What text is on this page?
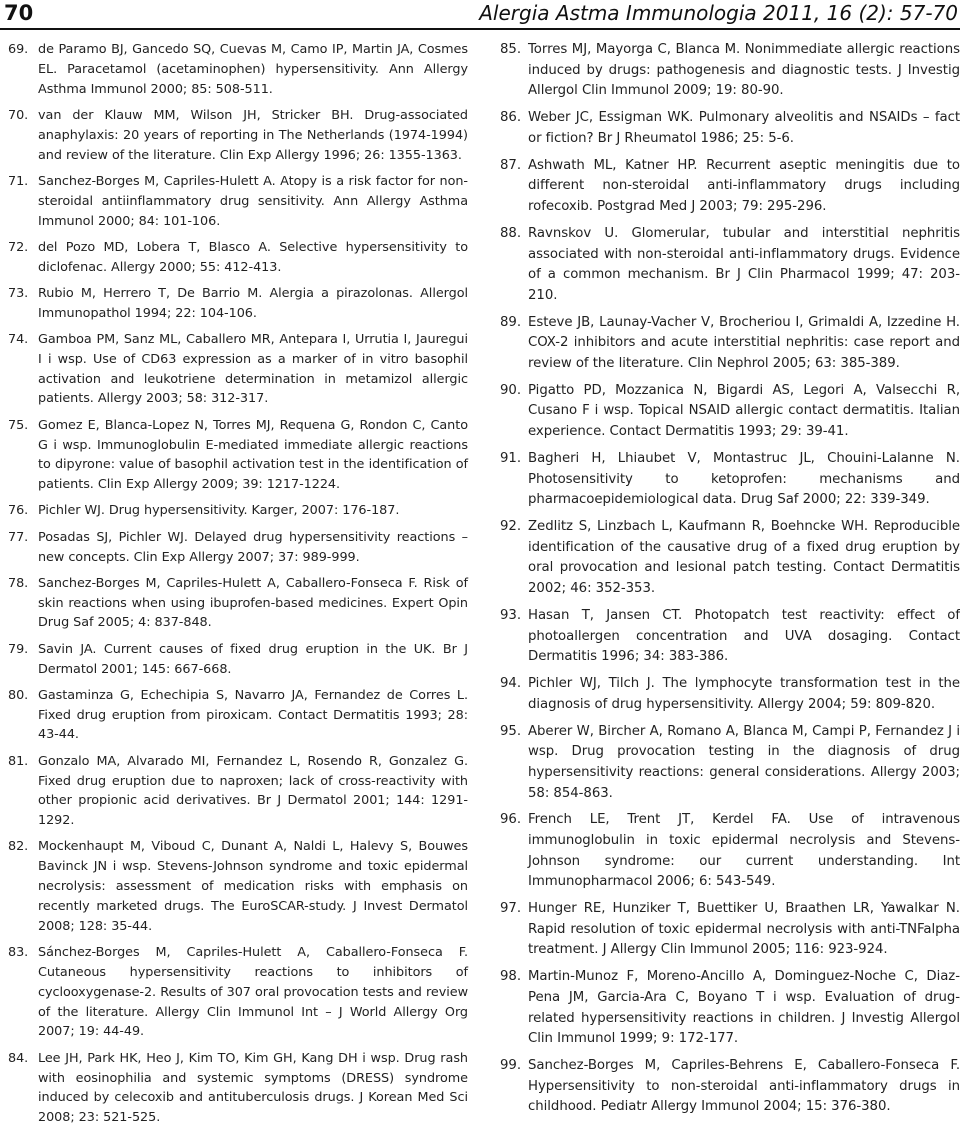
70	Alergia Astma Immunologia 2011, 16 (2): 57-70
69. de Paramo BJ, Gancedo SQ, Cuevas M, Camo IP, Martin JA, Cosmes EL. Paracetamol (acetaminophen) hypersensitivity. Ann Allergy Asthma Immunol 2000; 85: 508-511.
70. van der Klauw MM, Wilson JH, Stricker BH. Drug-associated anaphylaxis: 20 years of reporting in The Netherlands (1974-1994) and review of the literature. Clin Exp Allergy 1996; 26: 1355-1363.
71. Sanchez-Borges M, Capriles-Hulett A. Atopy is a risk factor for non-steroidal antiinflammatory drug sensitivity. Ann Allergy Asthma Immunol 2000; 84: 101-106.
72. del Pozo MD, Lobera T, Blasco A. Selective hypersensitivity to diclofenac. Allergy 2000; 55: 412-413.
73. Rubio M, Herrero T, De Barrio M. Alergia a pirazolonas. Allergol Immunopathol 1994; 22: 104-106.
74. Gamboa PM, Sanz ML, Caballero MR, Antepara I, Urrutia I, Jauregui I i wsp. Use of CD63 expression as a marker of in vitro basophil activation and leukotriene determination in metamizol allergic patients. Allergy 2003; 58: 312-317.
75. Gomez E, Blanca-Lopez N, Torres MJ, Requena G, Rondon C, Canto G i wsp. Immunoglobulin E-mediated immediate allergic reactions to dipyrone: value of basophil activation test in the identification of patients. Clin Exp Allergy 2009; 39: 1217-1224.
76. Pichler WJ. Drug hypersensitivity. Karger, 2007: 176-187.
77. Posadas SJ, Pichler WJ. Delayed drug hypersensitivity reactions – new concepts. Clin Exp Allergy 2007; 37: 989-999.
78. Sanchez-Borges M, Capriles-Hulett A, Caballero-Fonseca F. Risk of skin reactions when using ibuprofen-based medicines. Expert Opin Drug Saf 2005; 4: 837-848.
79. Savin JA. Current causes of fixed drug eruption in the UK. Br J Dermatol 2001; 145: 667-668.
80. Gastaminza G, Echechipia S, Navarro JA, Fernandez de Corres L. Fixed drug eruption from piroxicam. Contact Dermatitis 1993; 28: 43-44.
81. Gonzalo MA, Alvarado MI, Fernandez L, Rosendo R, Gonzalez G. Fixed drug eruption due to naproxen; lack of cross-reactivity with other propionic acid derivatives. Br J Dermatol 2001; 144: 1291-1292.
82. Mockenhaupt M, Viboud C, Dunant A, Naldi L, Halevy S, Bouwes Bavinck JN i wsp. Stevens-Johnson syndrome and toxic epidermal necrolysis: assessment of medication risks with emphasis on recently marketed drugs. The EuroSCAR-study. J Invest Dermatol 2008; 128: 35-44.
83. Sánchez-Borges M, Capriles-Hulett A, Caballero-Fonseca F. Cutaneous hypersensitivity reactions to inhibitors of cyclooxygenase-2. Results of 307 oral provocation tests and review of the literature. Allergy Clin Immunol Int – J World Allergy Org 2007; 19: 44-49.
84. Lee JH, Park HK, Heo J, Kim TO, Kim GH, Kang DH i wsp. Drug rash with eosinophilia and systemic symptoms (DRESS) syndrome induced by celecoxib and antituberculosis drugs. J Korean Med Sci 2008; 23: 521-525.
85. Torres MJ, Mayorga C, Blanca M. Nonimmediate allergic reactions induced by drugs: pathogenesis and diagnostic tests. J Investig Allergol Clin Immunol 2009; 19: 80-90.
86. Weber JC, Essigman WK. Pulmonary alveolitis and NSAIDs – fact or fiction? Br J Rheumatol 1986; 25: 5-6.
87. Ashwath ML, Katner HP. Recurrent aseptic meningitis due to different non-steroidal anti-inflammatory drugs including rofecoxib. Postgrad Med J 2003; 79: 295-296.
88. Ravnskov U. Glomerular, tubular and interstitial nephritis associated with non-steroidal anti-inflammatory drugs. Evidence of a common mechanism. Br J Clin Pharmacol 1999; 47: 203-210.
89. Esteve JB, Launay-Vacher V, Brocheriou I, Grimaldi A, Izzedine H. COX-2 inhibitors and acute interstitial nephritis: case report and review of the literature. Clin Nephrol 2005; 63: 385-389.
90. Pigatto PD, Mozzanica N, Bigardi AS, Legori A, Valsecchi R, Cusano F i wsp. Topical NSAID allergic contact dermatitis. Italian experience. Contact Dermatitis 1993; 29: 39-41.
91. Bagheri H, Lhiaubet V, Montastruc JL, Chouini-Lalanne N. Photosensitivity to ketoprofen: mechanisms and pharmacoepidemiological data. Drug Saf 2000; 22: 339-349.
92. Zedlitz S, Linzbach L, Kaufmann R, Boehncke WH. Reproducible identification of the causative drug of a fixed drug eruption by oral provocation and lesional patch testing. Contact Dermatitis 2002; 46: 352-353.
93. Hasan T, Jansen CT. Photopatch test reactivity: effect of photoallergen concentration and UVA dosaging. Contact Dermatitis 1996; 34: 383-386.
94. Pichler WJ, Tilch J. The lymphocyte transformation test in the diagnosis of drug hypersensitivity. Allergy 2004; 59: 809-820.
95. Aberer W, Bircher A, Romano A, Blanca M, Campi P, Fernandez J i wsp. Drug provocation testing in the diagnosis of drug hypersensitivity reactions: general considerations. Allergy 2003; 58: 854-863.
96. French LE, Trent JT, Kerdel FA. Use of intravenous immunoglobulin in toxic epidermal necrolysis and Stevens-Johnson syndrome: our current understanding. Int Immunopharmacol 2006; 6: 543-549.
97. Hunger RE, Hunziker T, Buettiker U, Braathen LR, Yawalkar N. Rapid resolution of toxic epidermal necrolysis with anti-TNFalpha treatment. J Allergy Clin Immunol 2005; 116: 923-924.
98. Martin-Munoz F, Moreno-Ancillo A, Dominguez-Noche C, Diaz-Pena JM, Garcia-Ara C, Boyano T i wsp. Evaluation of drug-related hypersensitivity reactions in children. J Investig Allergol Clin Immunol 1999; 9: 172-177.
99. Sanchez-Borges M, Capriles-Behrens E, Caballero-Fonseca F. Hypersensitivity to non-steroidal anti-inflammatory drugs in childhood. Pediatr Allergy Immunol 2004; 15: 376-380.
